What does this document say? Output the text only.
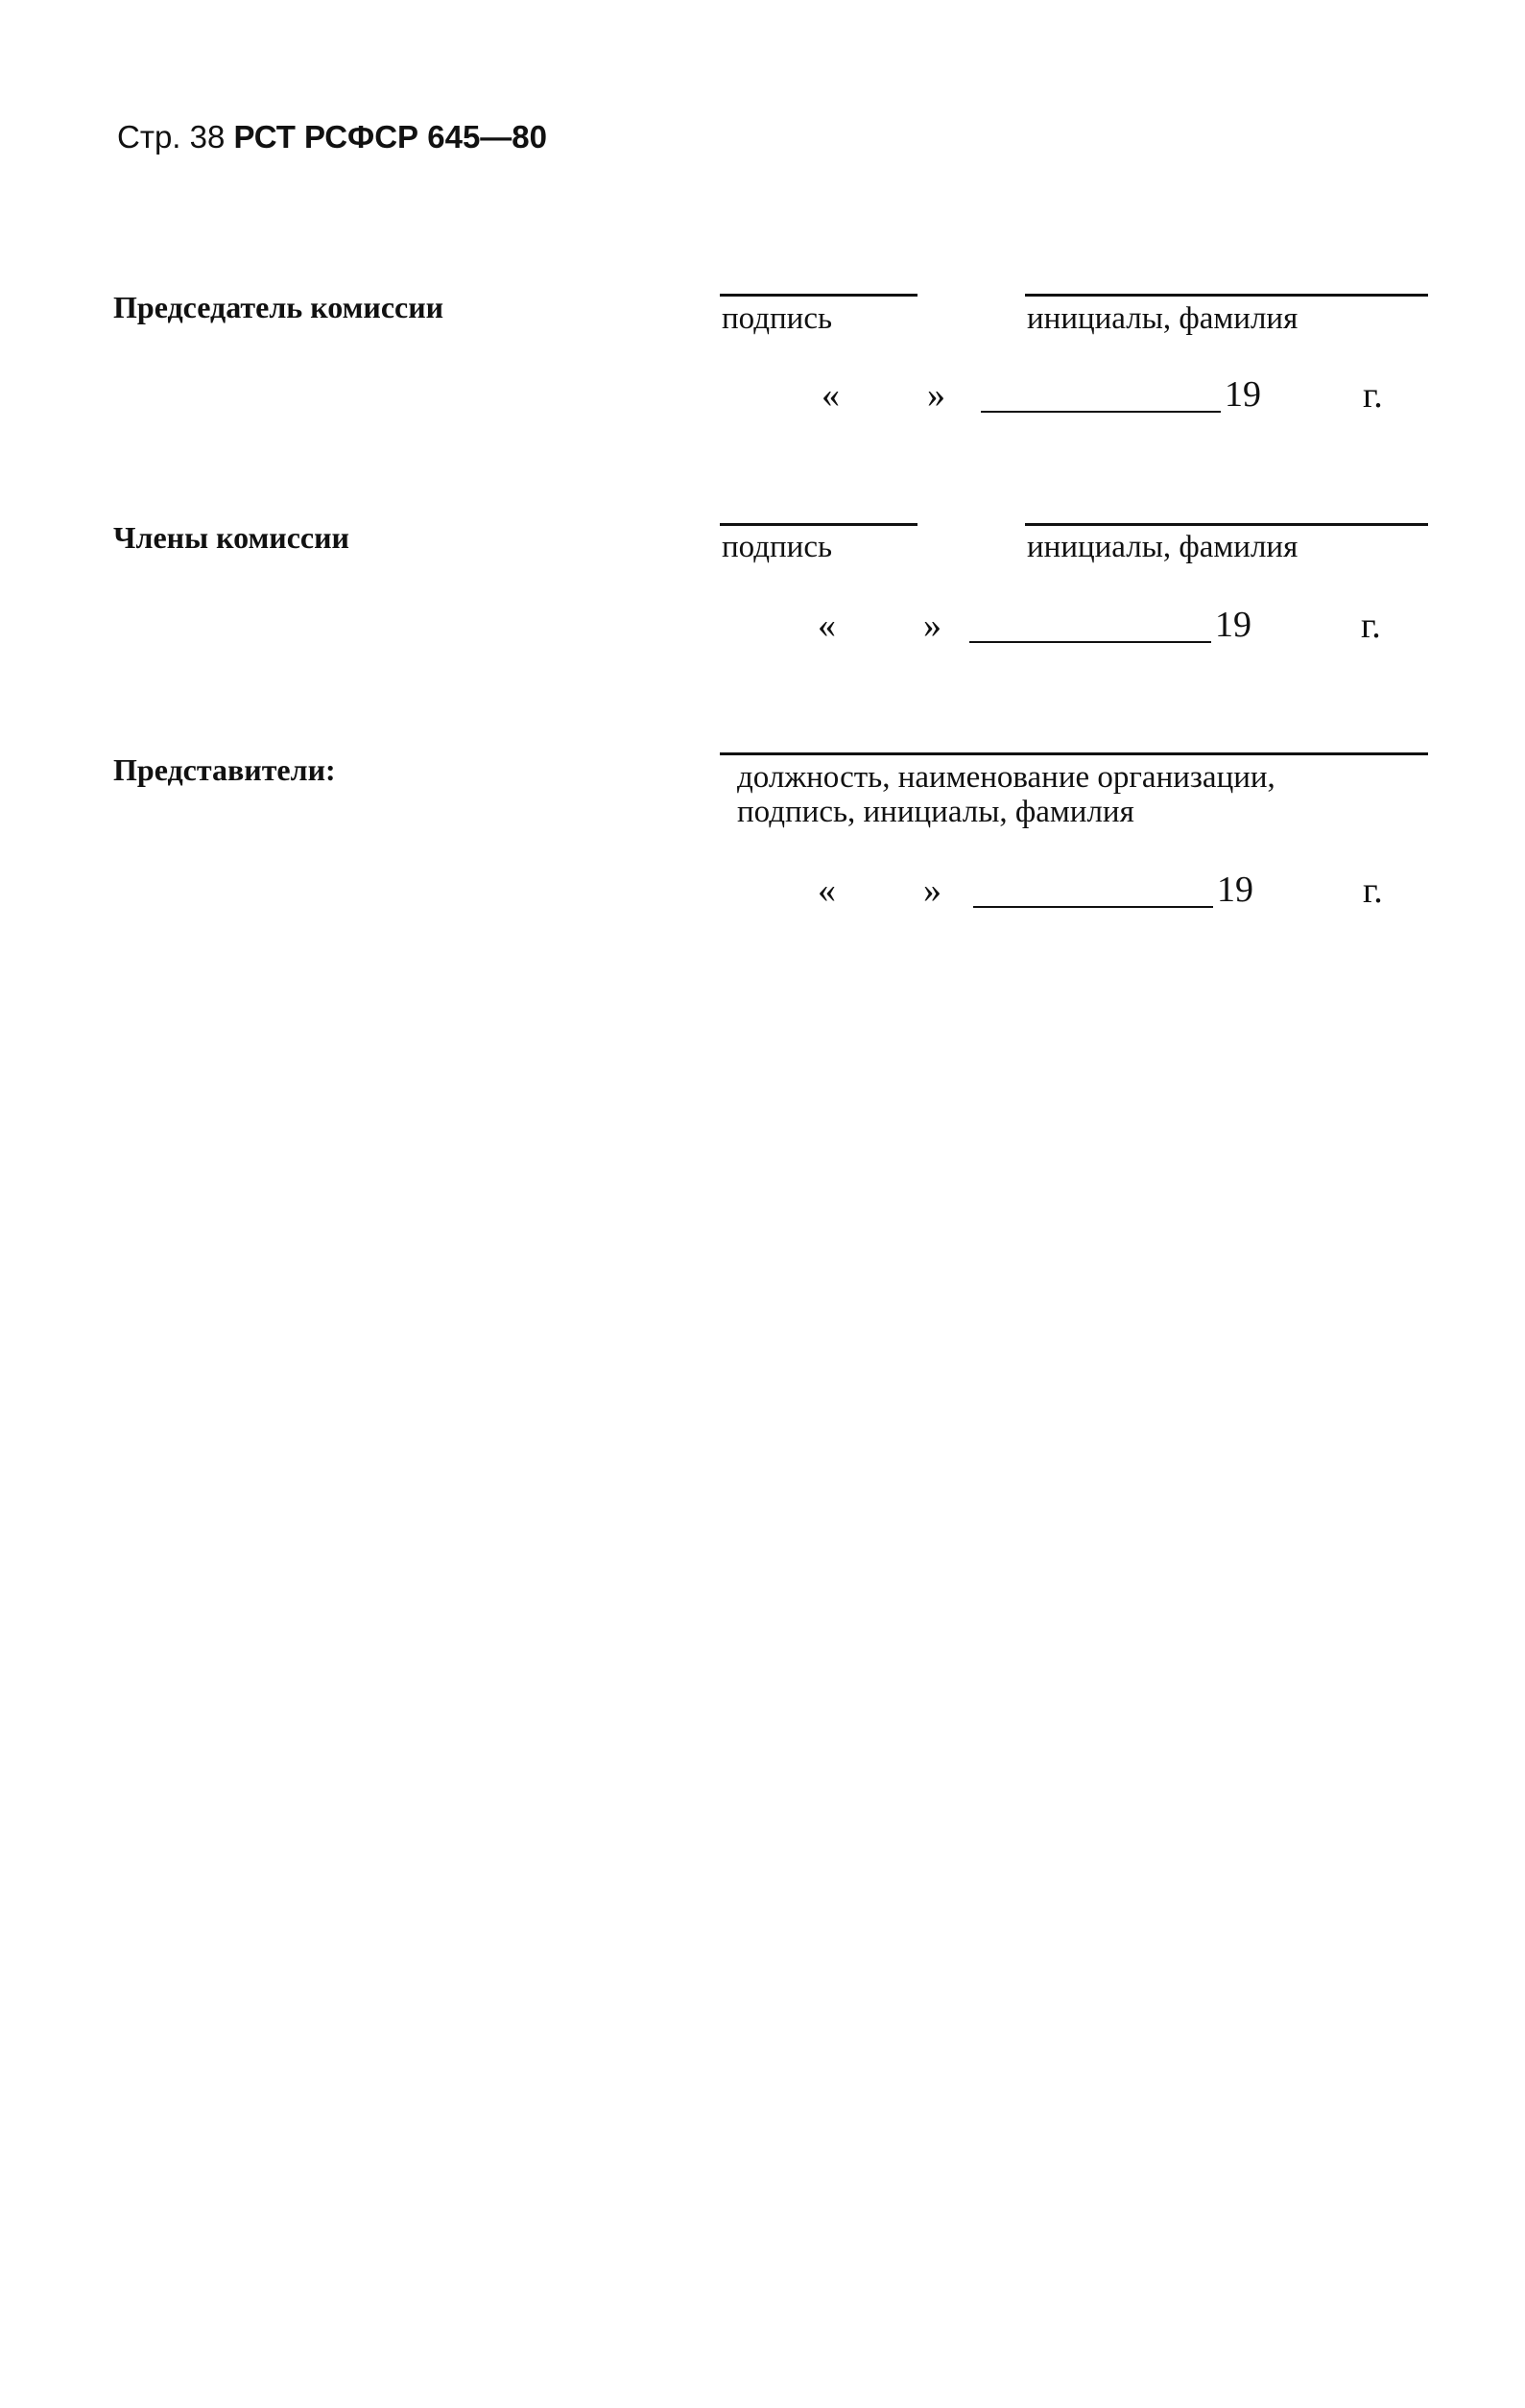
Стр. 38 РСТ РСФСР 645—80
Председатель комиссии	подпись	инициалы, фамилия
« »	19	г.
Члены комиссии	подпись	инициалы, фамилия
« »	19	г.
Представители:	должность, наименование организации,
подпись, инициалы, фамилия
« »	19	г.
